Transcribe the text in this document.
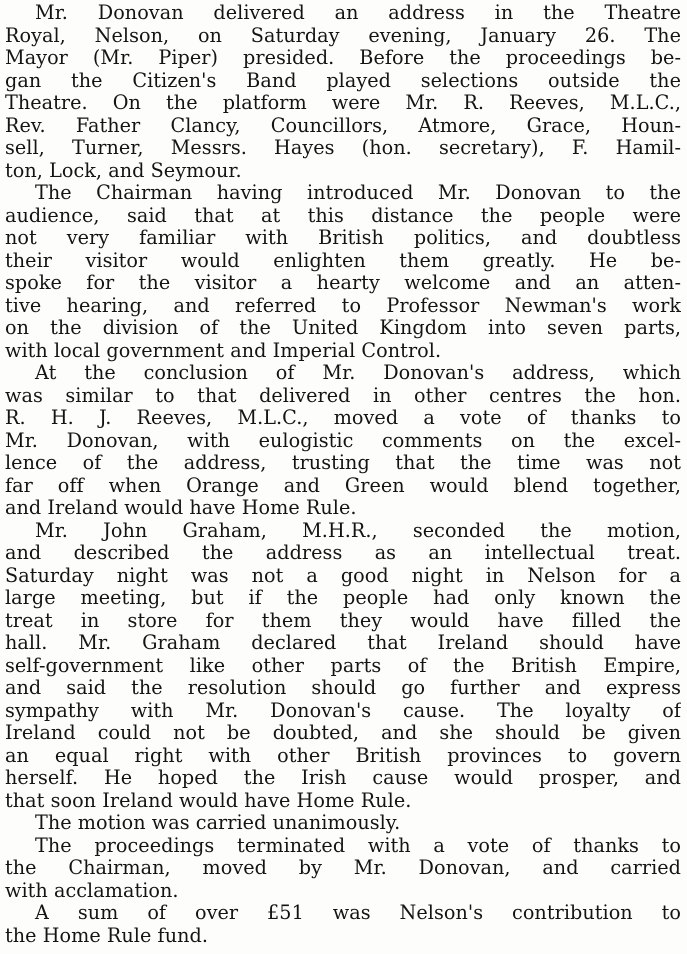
Mr. Donovan delivered an address in the Theatre
Royal, Nelson, on Saturday evening, January 26. The
Mayor (Mr. Piper) presided. Before the proceedings be-
gan the Citizen's Band played selections outside the
Theatre. On the platform were Mr. R. Reeves, M.L.C.,
Rev. Father Clancy, Councillors, Atmore, Grace, Houn-
sell, Turner, Messrs. Hayes (hon. secretary), F. Hamil-
ton, Lock, and Seymour.
The Chairman having introduced Mr. Donovan to the
audience, said that at this distance the people were
not very familiar with British politics, and doubtless
their visitor would enlighten them greatly. He be-
spoke for the visitor a hearty welcome and an atten-
tive hearing, and referred to Professor Newman's work
on the division of the United Kingdom into seven parts,
with local government and Imperial Control.
At the conclusion of Mr. Donovan's address, which
was similar to that delivered in other centres the hon.
R. H. J. Reeves, M.L.C., moved a vote of thanks to
Mr. Donovan, with eulogistic comments on the excel-
lence of the address, trusting that the time was not
far off when Orange and Green would blend together,
and Ireland would have Home Rule.
Mr. John Graham, M.H.R., seconded the motion,
and described the address as an intellectual treat.
Saturday night was not a good night in Nelson for a
large meeting, but if the people had only known the
treat in store for them they would have filled the
hall. Mr. Graham declared that Ireland should have
self-government like other parts of the British Empire,
and said the resolution should go further and express
sympathy with Mr. Donovan's cause. The loyalty of
Ireland could not be doubted, and she should be given
an equal right with other British provinces to govern
herself. He hoped the Irish cause would prosper, and
that soon Ireland would have Home Rule.
The motion was carried unanimously.
The proceedings terminated with a vote of thanks to
the Chairman, moved by Mr. Donovan, and carried
with acclamation.
A sum of over £51 was Nelson's contribution to
the Home Rule fund.
